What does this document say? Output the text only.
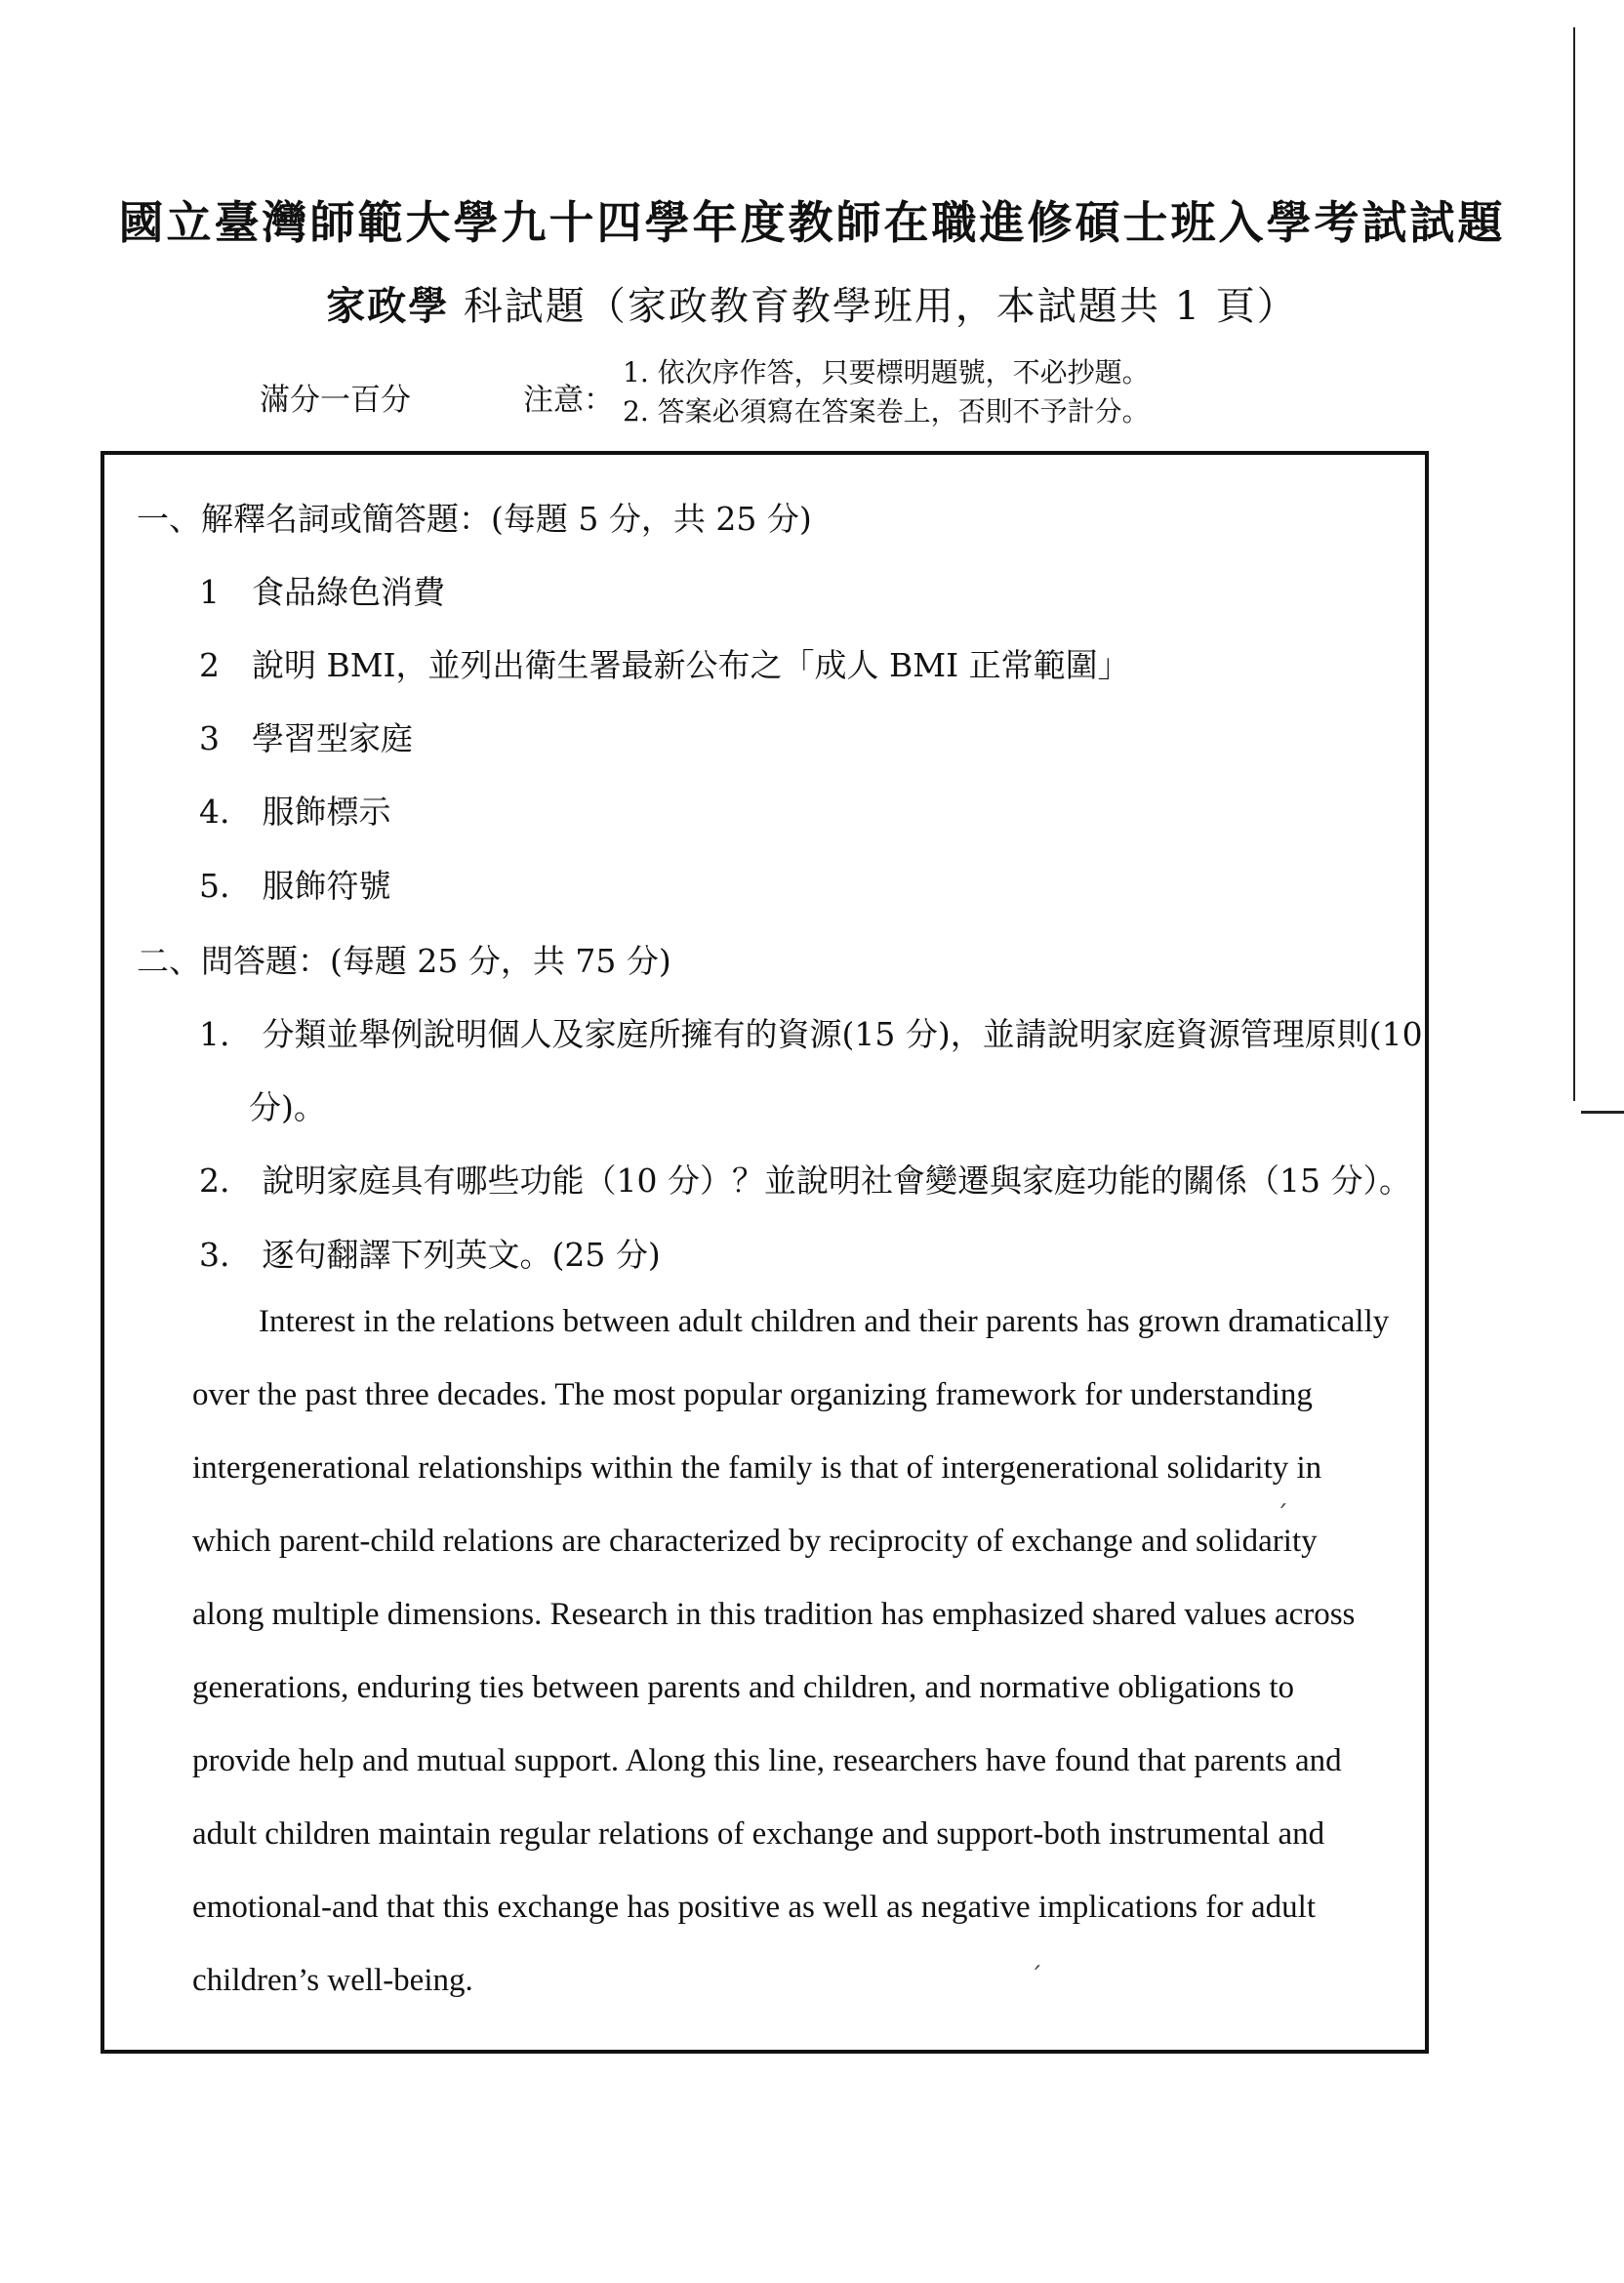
國立臺灣師範大學九十四學年度教師在職進修碩士班入學考試試題
家政學 科試題（家政教育教學班用，本試題共 1 頁）
滿分一百分	注意：
1. 依次序作答，只要標明題號，不必抄題。
2. 答案必須寫在答案卷上，否則不予計分。
一、解釋名詞或簡答題：(每題 5 分，共 25 分)
1　食品綠色消費
2　說明 BMI，並列出衛生署最新公布之「成人 BMI 正常範圍」
3　學習型家庭
4.　服飾標示
5.　服飾符號
二、問答題：(每題 25 分，共 75 分)
1.　分類並舉例說明個人及家庭所擁有的資源(15 分)，並請說明家庭資源管理原則(10
分)。
2.　說明家庭具有哪些功能（10 分）？並說明社會變遷與家庭功能的關係（15 分）。
3.　逐句翻譯下列英文。(25 分)
Interest in the relations between adult children and their parents has grown dramatically
over the past three decades. The most popular organizing framework for understanding
intergenerational relationships within the family is that of intergenerational solidarity in
which parent-child relations are characterized by reciprocity of exchange and solidarity
along multiple dimensions. Research in this tradition has emphasized shared values across
generations, enduring ties between parents and children, and normative obligations to
provide help and mutual support. Along this line, researchers have found that parents and
adult children maintain regular relations of exchange and support-both instrumental and
emotional-and that this exchange has positive as well as negative implications for adult
children’s well-being.
ˊ
ˊ
